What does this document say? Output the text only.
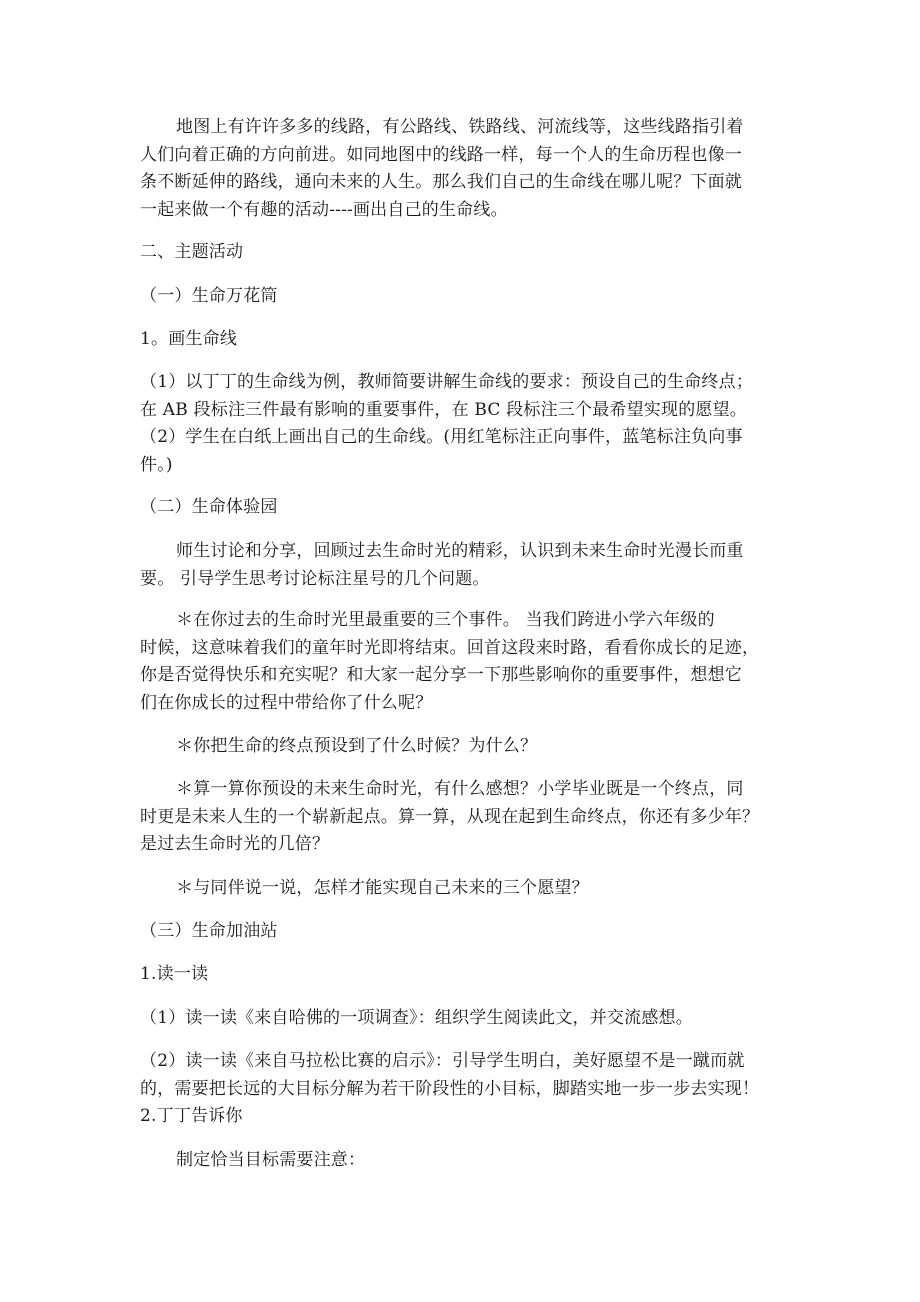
地图上有许许多多的线路，有公路线、铁路线、河流线等，这些线路指引着
人们向着正确的方向前进。如同地图中的线路一样，每一个人的生命历程也像一
条不断延伸的路线，通向未来的人生。那么我们自己的生命线在哪儿呢？下面就
一起来做一个有趣的活动----画出自己的生命线。
二、主题活动
（一）生命万花筒
1。画生命线
（1）以丁丁的生命线为例，教师简要讲解生命线的要求：预设自己的生命终点；
在 AB 段标注三件最有影响的重要事件，在 BC 段标注三个最希望实现的愿望。
（2）学生在白纸上画出自己的生命线。(用红笔标注正向事件，蓝笔标注负向事
件。)
（二）生命体验园
师生讨论和分享，回顾过去生命时光的精彩，认识到未来生命时光漫长而重
要。 引导学生思考讨论标注星号的几个问题。
＊在你过去的生命时光里最重要的三个事件。 当我们跨进小学六年级的
时候，这意味着我们的童年时光即将结束。回首这段来时路，看看你成长的足迹，
你是否觉得快乐和充实呢？和大家一起分享一下那些影响你的重要事件，想想它
们在你成长的过程中带给你了什么呢？
＊你把生命的终点预设到了什么时候？为什么？
＊算一算你预设的未来生命时光，有什么感想？小学毕业既是一个终点，同
时更是未来人生的一个崭新起点。算一算，从现在起到生命终点，你还有多少年？
是过去生命时光的几倍？
＊与同伴说一说，怎样才能实现自己未来的三个愿望？
（三）生命加油站
1.读一读
（1）读一读《来自哈佛的一项调查》：组织学生阅读此文，并交流感想。
（2）读一读《来自马拉松比赛的启示》：引导学生明白，美好愿望不是一蹴而就
的，需要把长远的大目标分解为若干阶段性的小目标，脚踏实地一步一步去实现！
2.丁丁告诉你
制定恰当目标需要注意：
